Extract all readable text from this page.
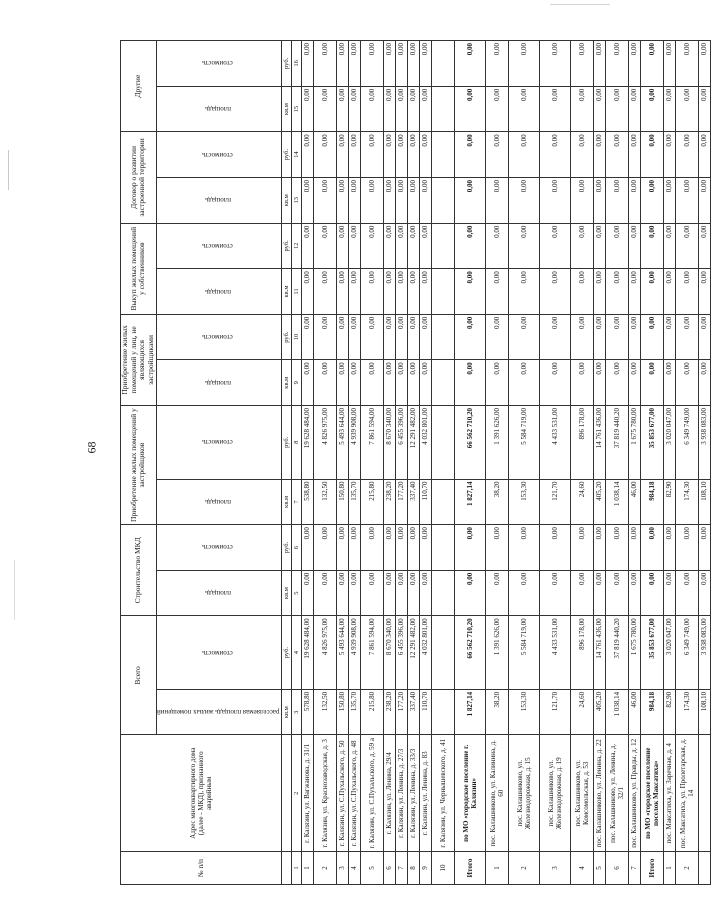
68
№ п/п	Адрес многоквартирного дома (далее - МКД), признанного аварийным	Всего		Строительство МКД		Приобретение жилых помещений у застройщиков		Приобретение жилых помещений у лиц, не являющихся застройщиками		Выкуп жилых помещений у собственников		Договор о развитии застроенной территории		Другие	
		расселяемая площадь жилых помещений	стоимость	площадь	стоимость	площадь	стоимость	площадь	стоимость	площадь	стоимость	площадь	стоимость	площадь	стоимость
		кв.м	руб.	кв.м	руб.	кв.м	руб.	кв.м	руб.	кв.м	руб.	кв.м	руб.	кв.м	руб.
1	2	3	4	5	6	7	8	9	10	11	12	13	14	15	16
1	г. Калязин, ул. Вагжанова, д. 31/1	578,80	19 628 484,00	0,00	0,00	538,80	19 628 484,00	0,00	0,00	0,00	0,00	0,00	0,00	0,00	0,00
2	г. Калязин, ул. Краснозаводская, д. 3	132,50	4 826 975,00	0,00	0,00	132,50	4 826 975,00	0,00	0,00	0,00	0,00	0,00	0,00	0,00	0,00
3	г. Калязин, ул. С.Пухальского, д. 50	150,80	5 493 644,00	0,00	0,00	150,80	5 493 644,00	0,00	0,00	0,00	0,00	0,00	0,00	0,00	0,00
4	г. Калязин, ул. С.Пухальского, д. 48	135,70	4 939 908,00	0,00	0,00	135,70	4 939 908,00	0,00	0,00	0,00	0,00	0,00	0,00	0,00	0,00
5	г. Калязин, ул. С.Пухальского, д. 59 а	215,80	7 861 594,00	0,00	0,00	215,80	7 861 594,00	0,00	0,00	0,00	0,00	0,00	0,00	0,00	0,00
6	г. Калязин, ул. Ленина, 29/4	238,20	8 670 340,00	0,00	0,00	238,20	8 670 340,00	0,00	0,00	0,00	0,00	0,00	0,00	0,00	0,00
7	г. Калязин, ул. Ленина, д. 27/3	177,20	6 455 396,00	0,00	0,00	177,20	6 455 396,00	0,00	0,00	0,00	0,00	0,00	0,00	0,00	0,00
8	г. Калязин, ул. Ленина, д. 33/3	337,40	12 291 482,00	0,00	0,00	337,40	12 291 482,00	0,00	0,00	0,00	0,00	0,00	0,00	0,00	0,00
9	г. Калязин, ул. Ленина, д. 83	110,70	4 032 801,00	0,00	0,00	110,70	4 032 801,00	0,00	0,00	0,00	0,00	0,00	0,00	0,00	0,00
10	г. Калязин, ул. Чернышевского, д. 41														
Итого	по МО «городское поселение г. Калязин»	1 827,14	66 562 710,20	0,00	0,00	1 827,14	66 562 710,20	0,00	0,00	0,00	0,00	0,00	0,00	0,00	0,00
1	пос. Калашниково, ул. Калинина, д. 60	38,20	1 391 626,00	0,00	0,00	38,20	1 391 626,00	0,00	0,00	0,00	0,00	0,00	0,00	0,00	0,00
2	пос. Калашниково, ул. Железнодорожная, д. 15	153,30	5 584 719,00	0,00	0,00	153,30	5 584 719,00	0,00	0,00	0,00	0,00	0,00	0,00	0,00	0,00
3	пос. Калашниково, ул. Железнодорожная, д. 19	121,70	4 433 531,00	0,00	0,00	121,70	4 433 531,00	0,00	0,00	0,00	0,00	0,00	0,00	0,00	0,00
4	пос. Калашниково, ул. Комсомольская, д. 53	24,60	896 178,00	0,00	0,00	24,60	896 178,00	0,00	0,00	0,00	0,00	0,00	0,00	0,00	0,00
5	пос. Калашниково, ул. Ленина, д. 22	405,20	14 761 436,00	0,00	0,00	405,20	14 761 436,00	0,00	0,00	0,00	0,00	0,00	0,00	0,00	0,00
6	пос. Калашниково, ул. Ленина, д. 32/1	1 038,14	37 819 440,20	0,00	0,00	1 038,14	37 819 440,20	0,00	0,00	0,00	0,00	0,00	0,00	0,00	0,00
7	пос. Калашниково, ул. Правды, д. 12	46,00	1 675 780,00	0,00	0,00	46,00	1 675 780,00	0,00	0,00	0,00	0,00	0,00	0,00	0,00	0,00
Итого	по МО «городское поселение поселок Максатиха»	984,18	35 853 677,00	0,00	0,00	984,18	35 853 677,00	0,00	0,00	0,00	0,00	0,00	0,00	0,00	0,00
1	пос. Максатиха, ул. Заречная, д. 4	82,90	3 020 047,00	0,00	0,00	82,90	3 020 047,00	0,00	0,00	0,00	0,00	0,00	0,00	0,00	0,00
2	пос. Максатиха, ул. Пролетарская, д. 14	174,30	6 349 749,00	0,00	0,00	174,30	6 349 749,00	0,00	0,00	0,00	0,00	0,00	0,00	0,00	0,00
		108,10	3 938 083,00	0,00	0,00	108,10	3 938 083,00	0,00	0,00	0,00	0,00	0,00	0,00	0,00	0,00
